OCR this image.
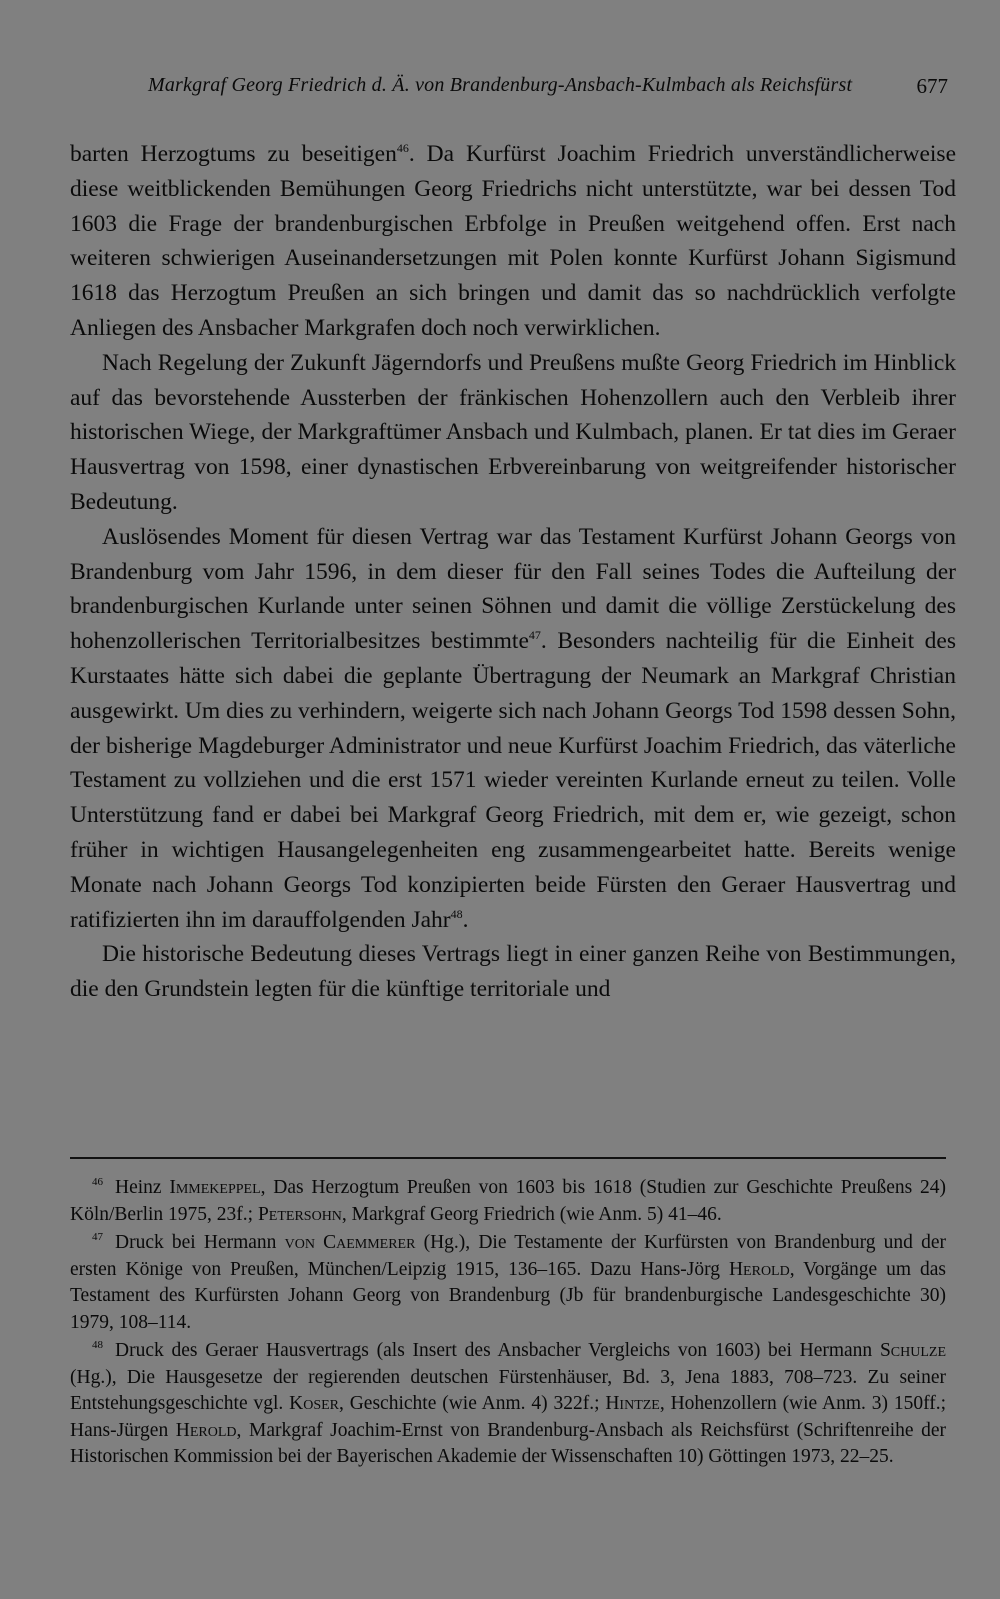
Markgraf Georg Friedrich d. Ä. von Brandenburg-Ansbach-Kulmbach als Reichsfürst	677

barten Herzogtums zu beseitigen$^{46}$. Da Kurfürst Joachim Friedrich unverständlicherweise diese weitblickenden Bemühungen Georg Friedrichs nicht unterstützte, war bei dessen Tod 1603 die Frage der brandenburgischen Erbfolge in Preußen weitgehend offen. Erst nach weiteren schwierigen Auseinandersetzungen mit Polen konnte Kurfürst Johann Sigismund 1618 das Herzogtum Preußen an sich bringen und damit das so nachdrücklich verfolgte Anliegen des Ansbacher Markgrafen doch noch verwirklichen.

Nach Regelung der Zukunft Jägerndorfs und Preußens mußte Georg Friedrich im Hinblick auf das bevorstehende Aussterben der fränkischen Hohenzollern auch den Verbleib ihrer historischen Wiege, der Markgraftümer Ansbach und Kulmbach, planen. Er tat dies im Geraer Hausvertrag von 1598, einer dynastischen Erbvereinbarung von weitgreifender historischer Bedeutung.

Auslösendes Moment für diesen Vertrag war das Testament Kurfürst Johann Georgs von Brandenburg vom Jahr 1596, in dem dieser für den Fall seines Todes die Aufteilung der brandenburgischen Kurlande unter seinen Söhnen und damit die völlige Zerstückelung des hohenzollerischen Territorialbesitzes bestimmte$^{47}$. Besonders nachteilig für die Einheit des Kurstaates hätte sich dabei die geplante Übertragung der Neumark an Markgraf Christian ausgewirkt. Um dies zu verhindern, weigerte sich nach Johann Georgs Tod 1598 dessen Sohn, der bisherige Magdeburger Administrator und neue Kurfürst Joachim Friedrich, das väterliche Testament zu vollziehen und die erst 1571 wieder vereinten Kurlande erneut zu teilen. Volle Unterstützung fand er dabei bei Markgraf Georg Friedrich, mit dem er, wie gezeigt, schon früher in wichtigen Hausangelegenheiten eng zusammengearbeitet hatte. Bereits wenige Monate nach Johann Georgs Tod konzipierten beide Fürsten den Geraer Hausvertrag und ratifizierten ihn im darauffolgenden Jahr$^{48}$.

Die historische Bedeutung dieses Vertrags liegt in einer ganzen Reihe von Bestimmungen, die den Grundstein legten für die künftige territoriale und

$^{46}$ Heinz Immekeppel, Das Herzogtum Preußen von 1603 bis 1618 (Studien zur Geschichte Preußens 24) Köln/Berlin 1975, 23f.; Petersohn, Markgraf Georg Friedrich (wie Anm. 5) 41–46.

$^{47}$ Druck bei Hermann von Caemmerer (Hg.), Die Testamente der Kurfürsten von Brandenburg und der ersten Könige von Preußen, München/Leipzig 1915, 136–165. Dazu Hans-Jörg Herold, Vorgänge um das Testament des Kurfürsten Johann Georg von Brandenburg (Jb für brandenburgische Landesgeschichte 30) 1979, 108–114.

$^{48}$ Druck des Geraer Hausvertrags (als Insert des Ansbacher Vergleichs von 1603) bei Hermann Schulze (Hg.), Die Hausgesetze der regierenden deutschen Fürstenhäuser, Bd. 3, Jena 1883, 708–723. Zu seiner Entstehungsgeschichte vgl. Koser, Geschichte (wie Anm. 4) 322f.; Hintze, Hohenzollern (wie Anm. 3) 150ff.; Hans-Jürgen Herold, Markgraf Joachim-Ernst von Brandenburg-Ansbach als Reichsfürst (Schriftenreihe der Historischen Kommission bei der Bayerischen Akademie der Wissenschaften 10) Göttingen 1973, 22–25.
